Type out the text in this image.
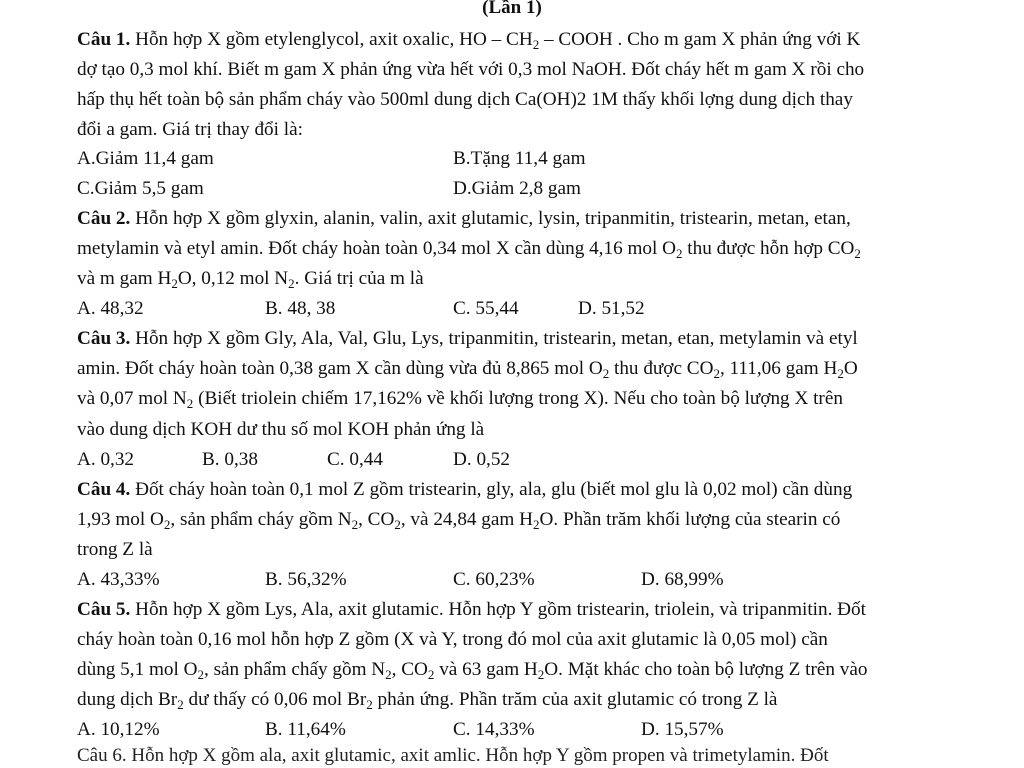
(Lần 1)
Câu 1. Hỗn hợp X gồm etylenglycol, axit oxalic, HO – $CH_2$ – COOH . Cho m gam X phản ứng với K
dợ tạo 0,3 mol khí. Biết m gam X phản ứng vừa hết với 0,3 mol NaOH. Đốt cháy hết m gam X rồi cho
hấp thụ hết toàn bộ sản phẩm cháy vào 500ml dung dịch Ca(OH)2 1M thấy khối lợng dung dịch thay
đổi a gam. Giá trị thay đổi là:
A.Giảm 11,4 gam	B.Tặng 11,4 gam
C.Giảm 5,5 gam	D.Giảm 2,8 gam
Câu 2. Hỗn hợp X gồm glyxin, alanin, valin, axit glutamic, lysin, tripanmitin, tristearin, metan, etan,
metylamin và etyl amin. Đốt cháy hoàn toàn 0,34 mol X cần dùng 4,16 mol $O_2$ thu được hỗn hợp $CO_2$
và m gam $H_2O$, 0,12 mol $N_2$. Giá trị của m là
A. 48,32	B. 48, 38	C. 55,44	D. 51,52
Câu 3. Hỗn hợp X gồm Gly, Ala, Val, Glu, Lys, tripanmitin, tristearin, metan, etan, metylamin và etyl
amin. Đốt cháy hoàn toàn 0,38 gam X cần dùng vừa đủ 8,865 mol $O_2$ thu được $CO_2$, 111,06 gam $H_2O$
và 0,07 mol $N_2$ (Biết triolein chiếm 17,162% về khối lượng trong X). Nếu cho toàn bộ lượng X trên
vào dung dịch KOH dư thu số mol KOH phản ứng là
A. 0,32	B. 0,38	C. 0,44	D. 0,52
Câu 4. Đốt cháy hoàn toàn 0,1 mol Z gồm tristearin, gly, ala, glu (biết mol glu là 0,02 mol) cần dùng
1,93 mol $O_2$, sản phẩm cháy gồm $N_2$, $CO_2$, và 24,84 gam $H_2O$. Phần trăm khối lượng của stearin có
trong Z là
A. 43,33%	B. 56,32%	C. 60,23%	D. 68,99%
Câu 5. Hỗn hợp X gồm Lys, Ala, axit glutamic. Hỗn hợp Y gồm tristearin, triolein, và tripanmitin. Đốt
cháy hoàn toàn 0,16 mol hỗn hợp Z gồm (X và Y, trong đó mol của axit glutamic là 0,05 mol) cần
dùng 5,1 mol $O_2$, sản phẩm chấy gồm $N_2$, $CO_2$ và 63 gam $H_2O$. Mặt khác cho toàn bộ lượng Z trên vào
dung dịch $Br_2$ dư thấy có 0,06 mol $Br_2$ phản ứng. Phần trăm của axit glutamic có trong Z là
A. 10,12%	B. 11,64%	C. 14,33%	D. 15,57%
Câu 6. Hỗn hợp X gồm ala, axit glutamic, axit amlic. Hỗn hợp Y gồm propen và trimetylamin. Đốt
